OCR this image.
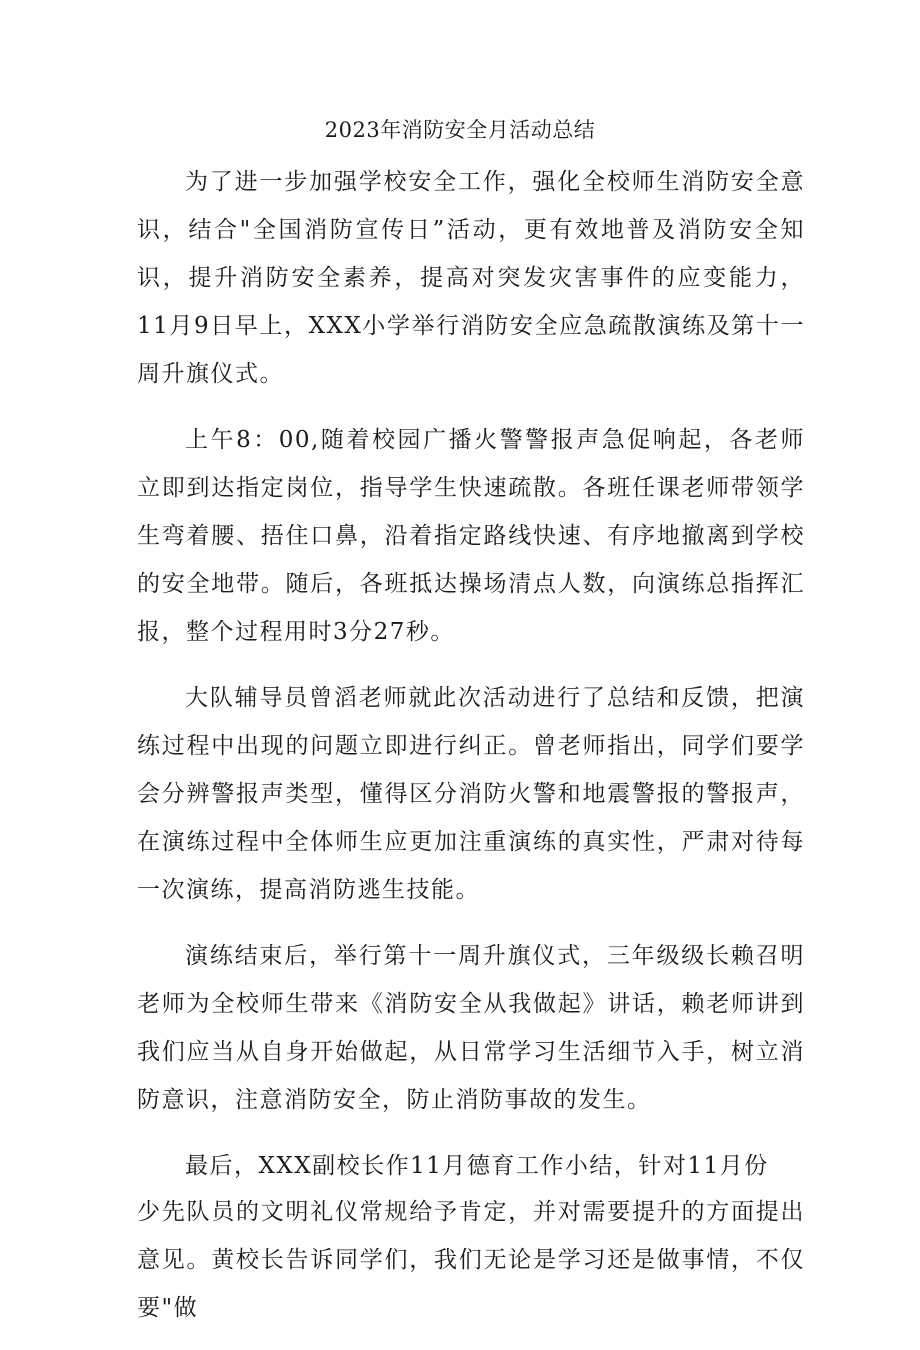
2023年消防安全月活动总结

为了进一步加强学校安全工作，强化全校师生消防安全意识，结合"全国消防宣传日”活动，更有效地普及消防安全知识，提升消防安全素养，提高对突发灾害事件的应变能力，11月9日早上，XXX小学举行消防安全应急疏散演练及第十一周升旗仪式。

上午8：00,随着校园广播火警警报声急促响起，各老师立即到达指定岗位，指导学生快速疏散。各班任课老师带领学生弯着腰、捂住口鼻，沿着指定路线快速、有序地撤离到学校的安全地带。随后，各班抵达操场清点人数，向演练总指挥汇报，整个过程用时3分27秒。

大队辅导员曾滔老师就此次活动进行了总结和反馈，把演练过程中出现的问题立即进行纠正。曾老师指出，同学们要学会分辨警报声类型，懂得区分消防火警和地震警报的警报声，在演练过程中全体师生应更加注重演练的真实性，严肃对待每一次演练，提高消防逃生技能。

演练结束后，举行第十一周升旗仪式，三年级级长赖召明老师为全校师生带来《消防安全从我做起》讲话，赖老师讲到我们应当从自身开始做起，从日常学习生活细节入手，树立消防意识，注意消防安全，防止消防事故的发生。

最后，XXX副校长作11月德育工作小结，针对11月份

少先队员的文明礼仪常规给予肯定，并对需要提升的方面提出意见。黄校长告诉同学们，我们无论是学习还是做事情，不仅要"做
